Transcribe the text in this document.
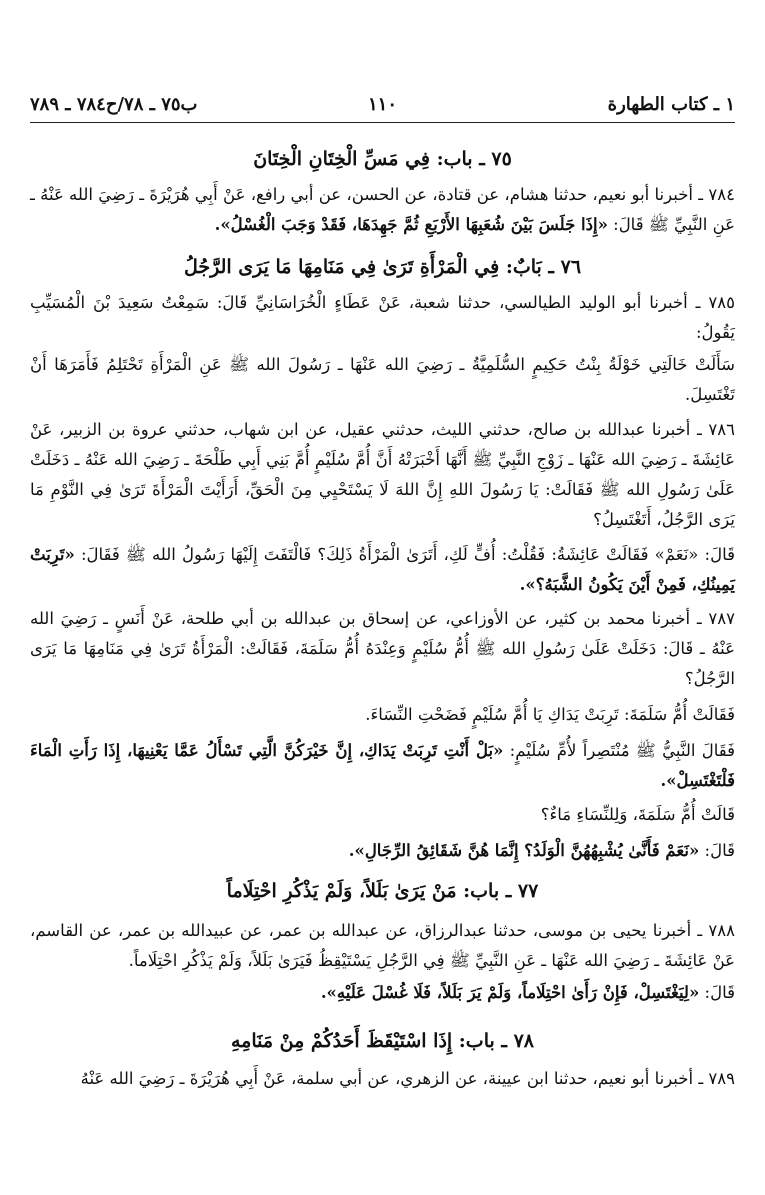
١ ـ كتاب الطهارة
١١٠
ب٧٥ ـ ٧٨/ح٧٨٤ ـ ٧٨٩

٧٥ ـ باب: فِي مَسِّ الْخِتَانِ الْخِتَانَ

٧٨٤ ـ أخبرنا أبو نعيم، حدثنا هشام، عن قتادة، عن الحسن، عن أبي رافع، عَنْ أَبِي هُرَيْرَةَ ـ رَضِيَ الله عَنْهُ ـ عَنِ النَّبِيِّ ﷺ قَالَ: «إِذَا جَلَسَ بَيْنَ شُعَبِهَا الأَرْبَعِ ثُمَّ جَهِدَهَا، فَقَدْ وَجَبَ الْغُسْلُ».

٧٦ ـ بَابٌ: فِي الْمَرْأَةِ تَرَىٰ فِي مَنَامِهَا مَا يَرَى الرَّجُلُ

٧٨٥ ـ أخبرنا أبو الوليد الطيالسي، حدثنا شعبة، عَنْ عَطَاءٍ الْخُرَاسَانِيِّ قَالَ: سَمِعْتُ سَعِيدَ بْنَ الْمُسَيِّبِ يَقُولُ:

سَأَلَتْ خَالَتِي خَوْلَةُ بِنْتُ حَكِيمٍ السُّلَمِيَّةُ ـ رَضِيَ الله عَنْهَا ـ رَسُولَ الله ﷺ عَنِ الْمَرْأَةِ تَحْتَلِمُ فَأَمَرَهَا أَنْ تَغْتَسِلَ.

٧٨٦ ـ أخبرنا عبدالله بن صالح، حدثني الليث، حدثني عقيل، عن ابن شهاب، حدثني عروة بن الزبير، عَنْ عَائِشَةَ ـ رَضِيَ الله عَنْهَا ـ زَوْجِ النَّبِيِّ ﷺ أَنَّهَا أَخْبَرَتْهُ أَنَّ أُمَّ سُلَيْمٍ أُمَّ بَنِي أَبِي طَلْحَةَ ـ رَضِيَ الله عَنْهُ ـ دَخَلَتْ عَلَىٰ رَسُولِ الله ﷺ فَقَالَتْ: يَا رَسُولَ اللهِ إِنَّ اللهَ لَا يَسْتَحْيِي مِنَ الْحَقِّ، أَرَأَيْتَ الْمَرْأَةَ تَرَىٰ فِي النَّوْمِ مَا يَرَى الرَّجُلُ، أَتَغْتَسِلُ؟

قَالَ: «نَعَمْ» فَقَالَتْ عَائِشَةُ: فَقُلْتُ: أُفٍّ لَكِ، أَتَرَىٰ الْمَرْأَةُ ذَلِكَ؟ فَالْتَفَتَ إِلَيْهَا رَسُولُ الله ﷺ فَقَالَ: «تَرِبَتْ يَمِينُكِ، فَمِنْ أَيْنَ يَكُونُ الشَّبَهُ؟».

٧٨٧ ـ أخبرنا محمد بن كثير، عن الأوزاعي، عن إسحاق بن عبدالله بن أبي طلحة، عَنْ أَنَسٍ ـ رَضِيَ الله عَنْهُ ـ قَالَ: دَخَلَتْ عَلَىٰ رَسُولِ الله ﷺ أُمُّ سُلَيْمٍ وَعِنْدَهُ أُمُّ سَلَمَةَ، فَقَالَتْ: الْمَرْأَةُ تَرَىٰ فِي مَنَامِهَا مَا يَرَى الرَّجُلُ؟

فَقَالَتْ أُمُّ سَلَمَةَ: تَرِبَتْ يَدَاكِ يَا أُمَّ سُلَيْمٍ فَضَحْتِ النِّسَاءَ.

فَقَالَ النَّبِيُّ ﷺ مُنْتَصِراً لأُمِّ سُلَيْمٍ: «بَلْ أَنْتِ تَرِبَتْ يَدَاكِ، إِنَّ خَيْرَكُنَّ الَّتِي تَسْأَلُ عَمَّا يَعْنِيهَا، إِذَا رَأَتِ الْمَاءَ فَلْتَغْتَسِلْ».

قَالَتْ أُمُّ سَلَمَةَ، وَلِلنِّسَاءِ مَاءٌ؟

قَالَ: «نَعَمْ فَأَنَّىٰ يُشْبِهُهُنَّ الْوَلَدُ؟ إِنَّمَا هُنَّ شَقَائِقُ الرِّجَالِ».

٧٧ ـ باب: مَنْ يَرَىٰ بَلَلاً، وَلَمْ يَذْكُرِ احْتِلَاماً

٧٨٨ ـ أخبرنا يحيى بن موسى، حدثنا عبدالرزاق، عن عبدالله بن عمر، عن عبيدالله بن عمر، عن القاسم، عَنْ عَائِشَةَ ـ رَضِيَ الله عَنْهَا ـ عَنِ النَّبِيِّ ﷺ فِي الرَّجُلِ يَسْتَيْقِظُ فَيَرَىٰ بَلَلاً، وَلَمْ يَذْكُرِ احْتِلَاماً.

قَالَ: «لِيَغْتَسِلْ، فَإِنْ رَأَىٰ احْتِلَاماً، وَلَمْ يَرَ بَلَلاً، فَلَا غُسْلَ عَلَيْهِ».

٧٨ ـ باب: إِذَا اسْتَيْقَظَ أَحَدُكُمْ مِنْ مَنَامِهِ

٧٨٩ ـ أخبرنا أبو نعيم، حدثنا ابن عيينة، عن الزهري، عن أبي سلمة، عَنْ أَبِي هُرَيْرَةَ ـ رَضِيَ الله عَنْهُ
